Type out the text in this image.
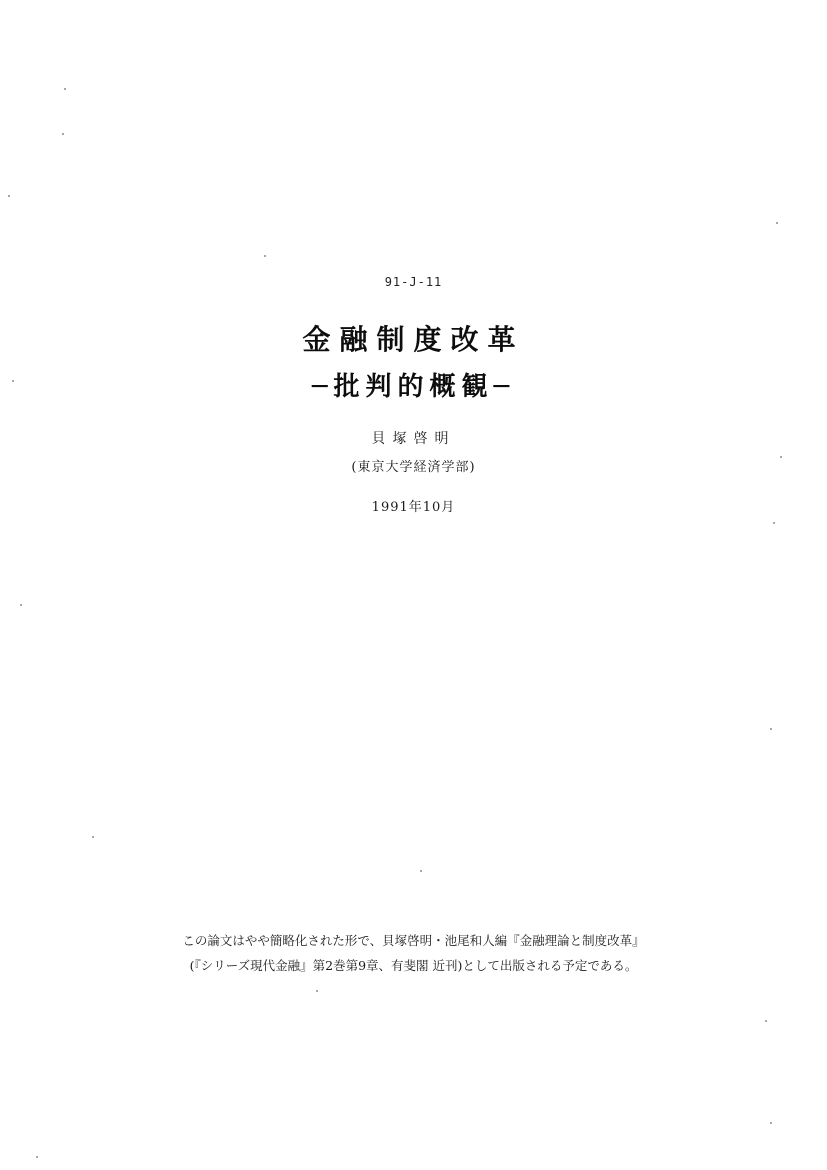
91-J-11
金融制度改革
─批判的概観─
貝塚啓明
(東京大学経済学部)
1991年10月
この論文はやや簡略化された形で、貝塚啓明・池尾和人編『金融理論と制度改革』
(『シリーズ現代金融』第2巻第9章、有斐閣 近刊)として出版される予定である。
